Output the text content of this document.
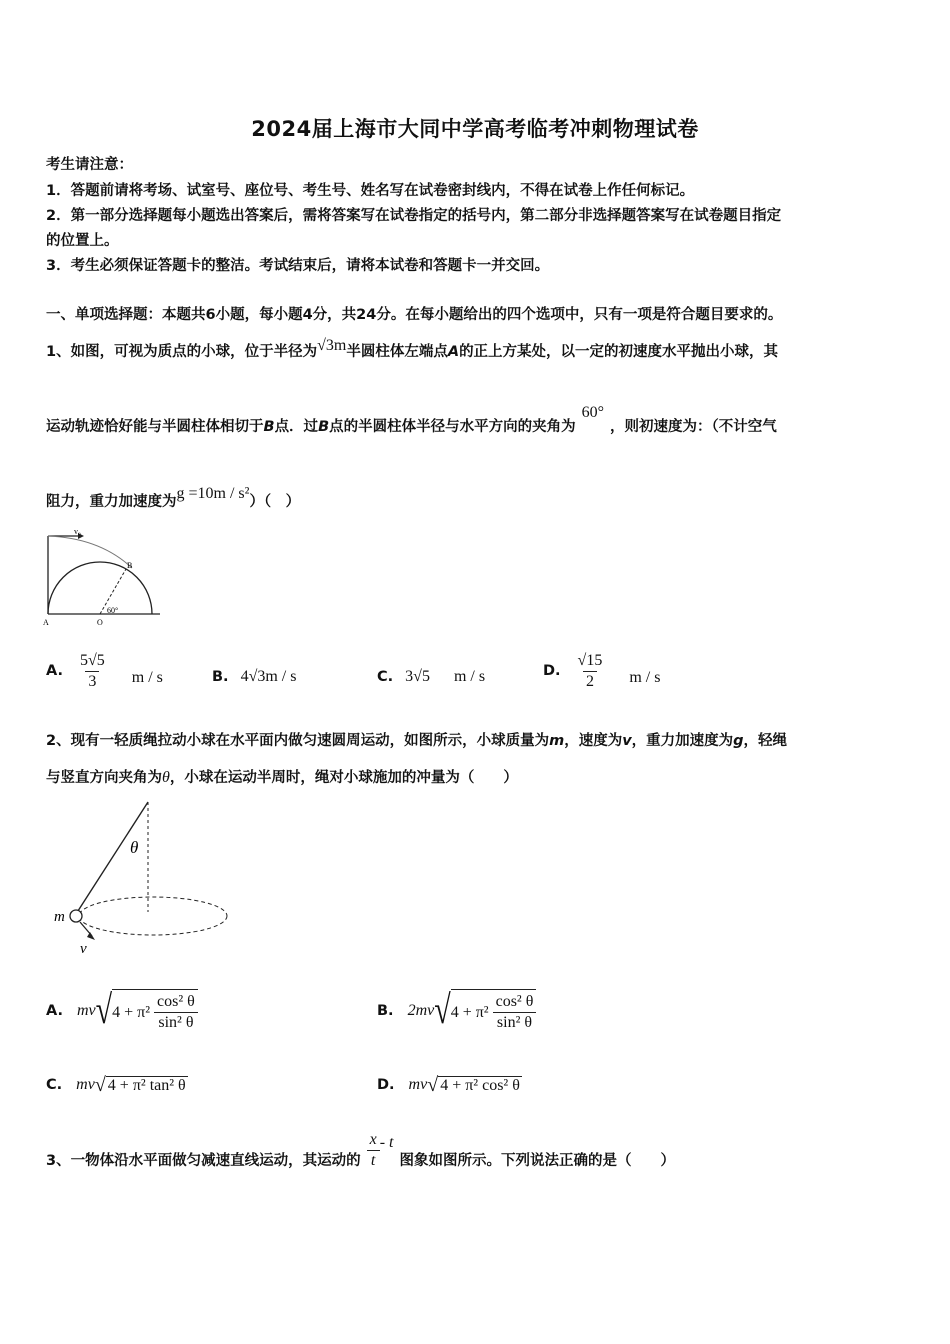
2024届上海市大同中学高考临考冲刺物理试卷
考生请注意：
1．答题前请将考场、试室号、座位号、考生号、姓名写在试卷密封线内，不得在试卷上作任何标记。
2．第一部分选择题每小题选出答案后，需将答案写在试卷指定的括号内，第二部分非选择题答案写在试卷题目指定
的位置上。
3．考生必须保证答题卡的整洁。考试结束后，请将本试卷和答题卡一并交回。
一、单项选择题：本题共6小题，每小题4分，共24分。在每小题给出的四个选项中，只有一项是符合题目要求的。
1、如图，可视为质点的小球，位于半径为√3m半圆柱体左端点A的正上方某处，以一定的初速度水平抛出小球，其
运动轨迹恰好能与半圆柱体相切于B点．过B点的半圆柱体半径与水平方向的夹角为60°，则初速度为：（不计空气
阻力，重力加速度为g =10m / s²）（　）
v₀
B
A	O
60°
A. $\frac{5√5}{3}$ m / s	B. 4√3m / s	C. 3√5 m / s	D. $\frac{√15}{2}$ m / s
2、现有一轻质绳拉动小球在水平面内做匀速圆周运动，如图所示，小球质量为m，速度为v，重力加速度为g，轻绳
与竖直方向夹角为θ，小球在运动半周时，绳对小球施加的冲量为（　　）
θ
m
v
A. mv √ $4 + \pi^2 \frac{\text{cos² θ}}{\text{sin² θ}}$	B. 2mv √ $4 + \pi^2 \frac{\text{cos² θ}}{\text{sin² θ}}$
C. mv √ 4 + π² tan² θ	D. mv √ 4 + π² cos² θ
3、一物体沿水平面做匀减速直线运动，其运动的 $\frac{x}{t}$ - t
图象如图所示。下列说法正确的是（　　）
